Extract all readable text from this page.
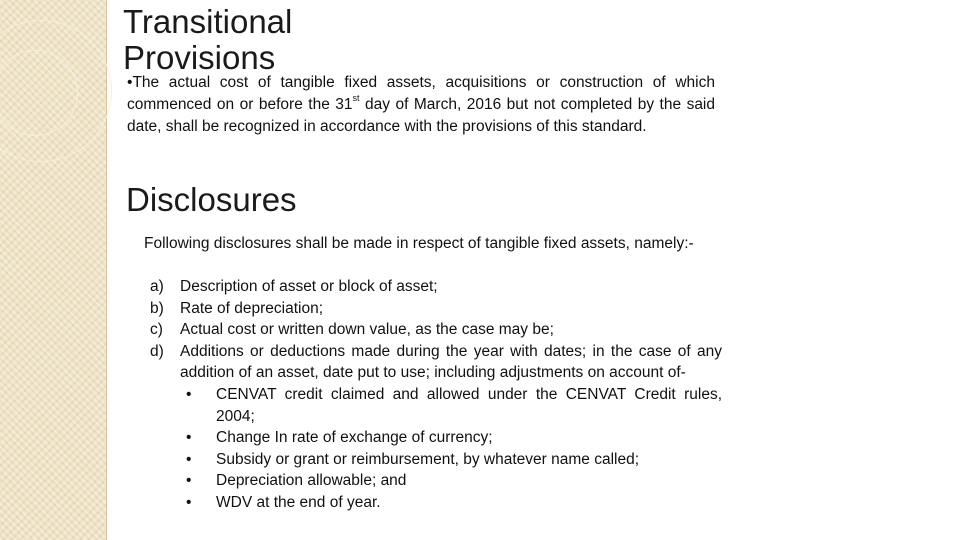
Transitional
Provisions
•The actual cost of tangible fixed assets, acquisitions or construction of which commenced on or before the 31st day of March, 2016 but not completed by the said date, shall be recognized in accordance with the provisions of this standard.
Disclosures
Following disclosures shall be made in respect of tangible fixed assets, namely:-
a) Description of asset or block of asset;
b) Rate of depreciation;
c) Actual cost or written down value, as the case may be;
d) Additions or deductions made during the year with dates; in the case of any addition of an asset, date put to use; including adjustments on account of-
• CENVAT credit claimed and allowed under the CENVAT Credit rules, 2004;
• Change In rate of exchange of currency;
• Subsidy or grant or reimbursement, by whatever name called;
• Depreciation allowable; and
• WDV at the end of year.
